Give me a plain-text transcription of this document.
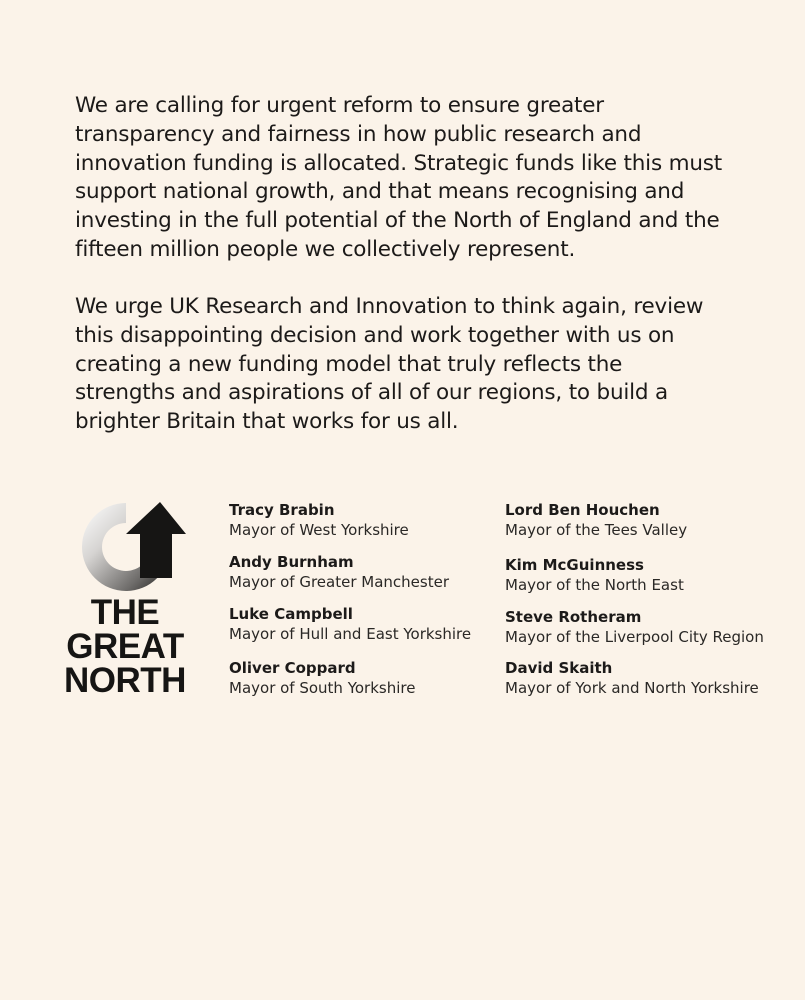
We are calling for urgent reform to ensure greater
transparency and fairness in how public research and
innovation funding is allocated. Strategic funds like this must
support national growth, and that means recognising and
investing in the full potential of the North of England and the
fifteen million people we collectively represent.

We urge UK Research and Innovation to think again, review
this disappointing decision and work together with us on
creating a new funding model that truly reflects the
strengths and aspirations of all of our regions, to build a
brighter Britain that works for us all.

THE
GREAT
NORTH
Tracy Brabin
Mayor of West Yorkshire
Andy Burnham
Mayor of Greater Manchester
Luke Campbell
Mayor of Hull and East Yorkshire
Oliver Coppard
Mayor of South Yorkshire
Lord Ben Houchen
Mayor of the Tees Valley
Kim McGuinness
Mayor of the North East
Steve Rotheram
Mayor of the Liverpool City Region
David Skaith
Mayor of York and North Yorkshire
